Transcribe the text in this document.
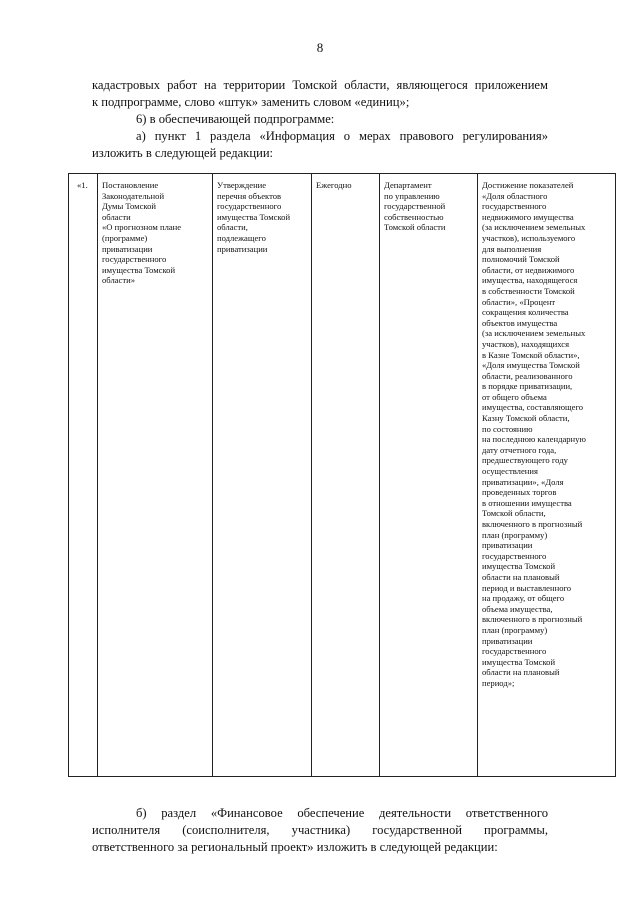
8

кадастровых работ на территории Томской области, являющегося приложением

к подпрограмме, слово «штук» заменить словом «единиц»;

6) в обеспечивающей подпрограмме:

а) пункт 1 раздела «Информация о мерах правового регулирования»

изложить в следующей редакции:

«1.	Постановление
Законодательной
Думы Томской
области
«О прогнозном плане
(программе)
приватизации
государственного
имущества Томской
области»
Утверждение
перечня объектов
государственного
имущества Томской
области,
подлежащего
приватизации
Ежегодно	Департамент
по управлению
государственной
собственностью
Томской области
Достижение показателей
«Доля областного
государственного
недвижимого имущества
(за исключением земельных
участков), используемого
для выполнения
полномочий Томской
области, от недвижимого
имущества, находящегося
в собственности Томской
области», «Процент
сокращения количества
объектов имущества
(за исключением земельных
участков), находящихся
в Казне Томской области»,
«Доля имущества Томской
области, реализованного
в порядке приватизации,
от общего объема
имущества, составляющего
Казну Томской области,
по состоянию
на последнюю календарную
дату отчетного года,
предшествующего году
осуществления
приватизации», «Доля
проведенных торгов
в отношении имущества
Томской области,
включенного в прогнозный
план (программу)
приватизации
государственного
имущества Томской
области на плановый
период и выставленного
на продажу, от общего
объема имущества,
включенного в прогнозный
план (программу)
приватизации
государственного
имущества Томской
области на плановый
период»;

б) раздел «Финансовое обеспечение деятельности ответственного

исполнителя (соисполнителя, участника) государственной программы,

ответственного за региональный проект» изложить в следующей редакции:
